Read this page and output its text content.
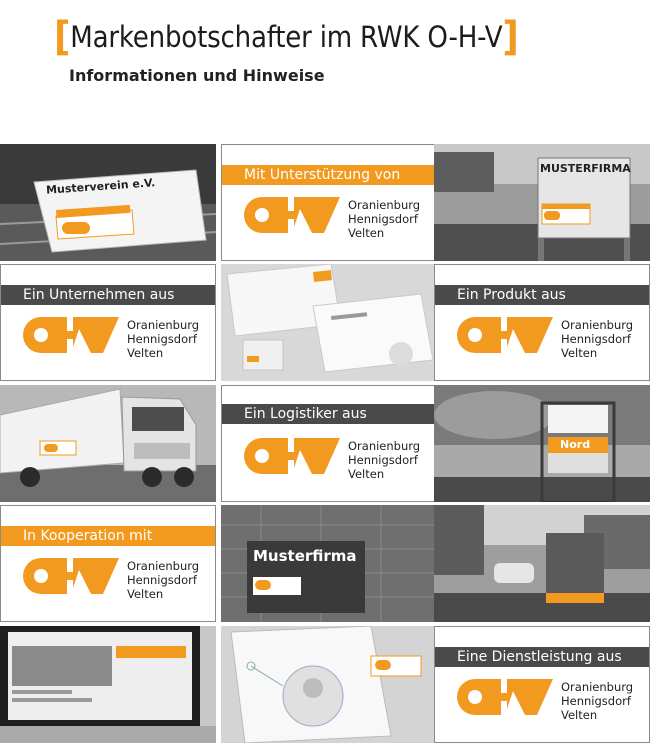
[Markenbotschafter im RWK O-H-V]
Informationen und Hinweise
Musterverein e.V.
Mit Unterstützung von
Oranienburg
Hennigsdorf
Velten
MUSTERFIRMA
Ein Unternehmen aus
Oranienburg
Hennigsdorf
Velten
Ein Produkt aus
Oranienburg
Hennigsdorf
Velten
Ein Logistiker aus
Oranienburg
Hennigsdorf
Velten
Nord
In Kooperation mit
Oranienburg
Hennigsdorf
Velten
Musterfirma
Eine Dienstleistung aus
Oranienburg
Hennigsdorf
Velten
